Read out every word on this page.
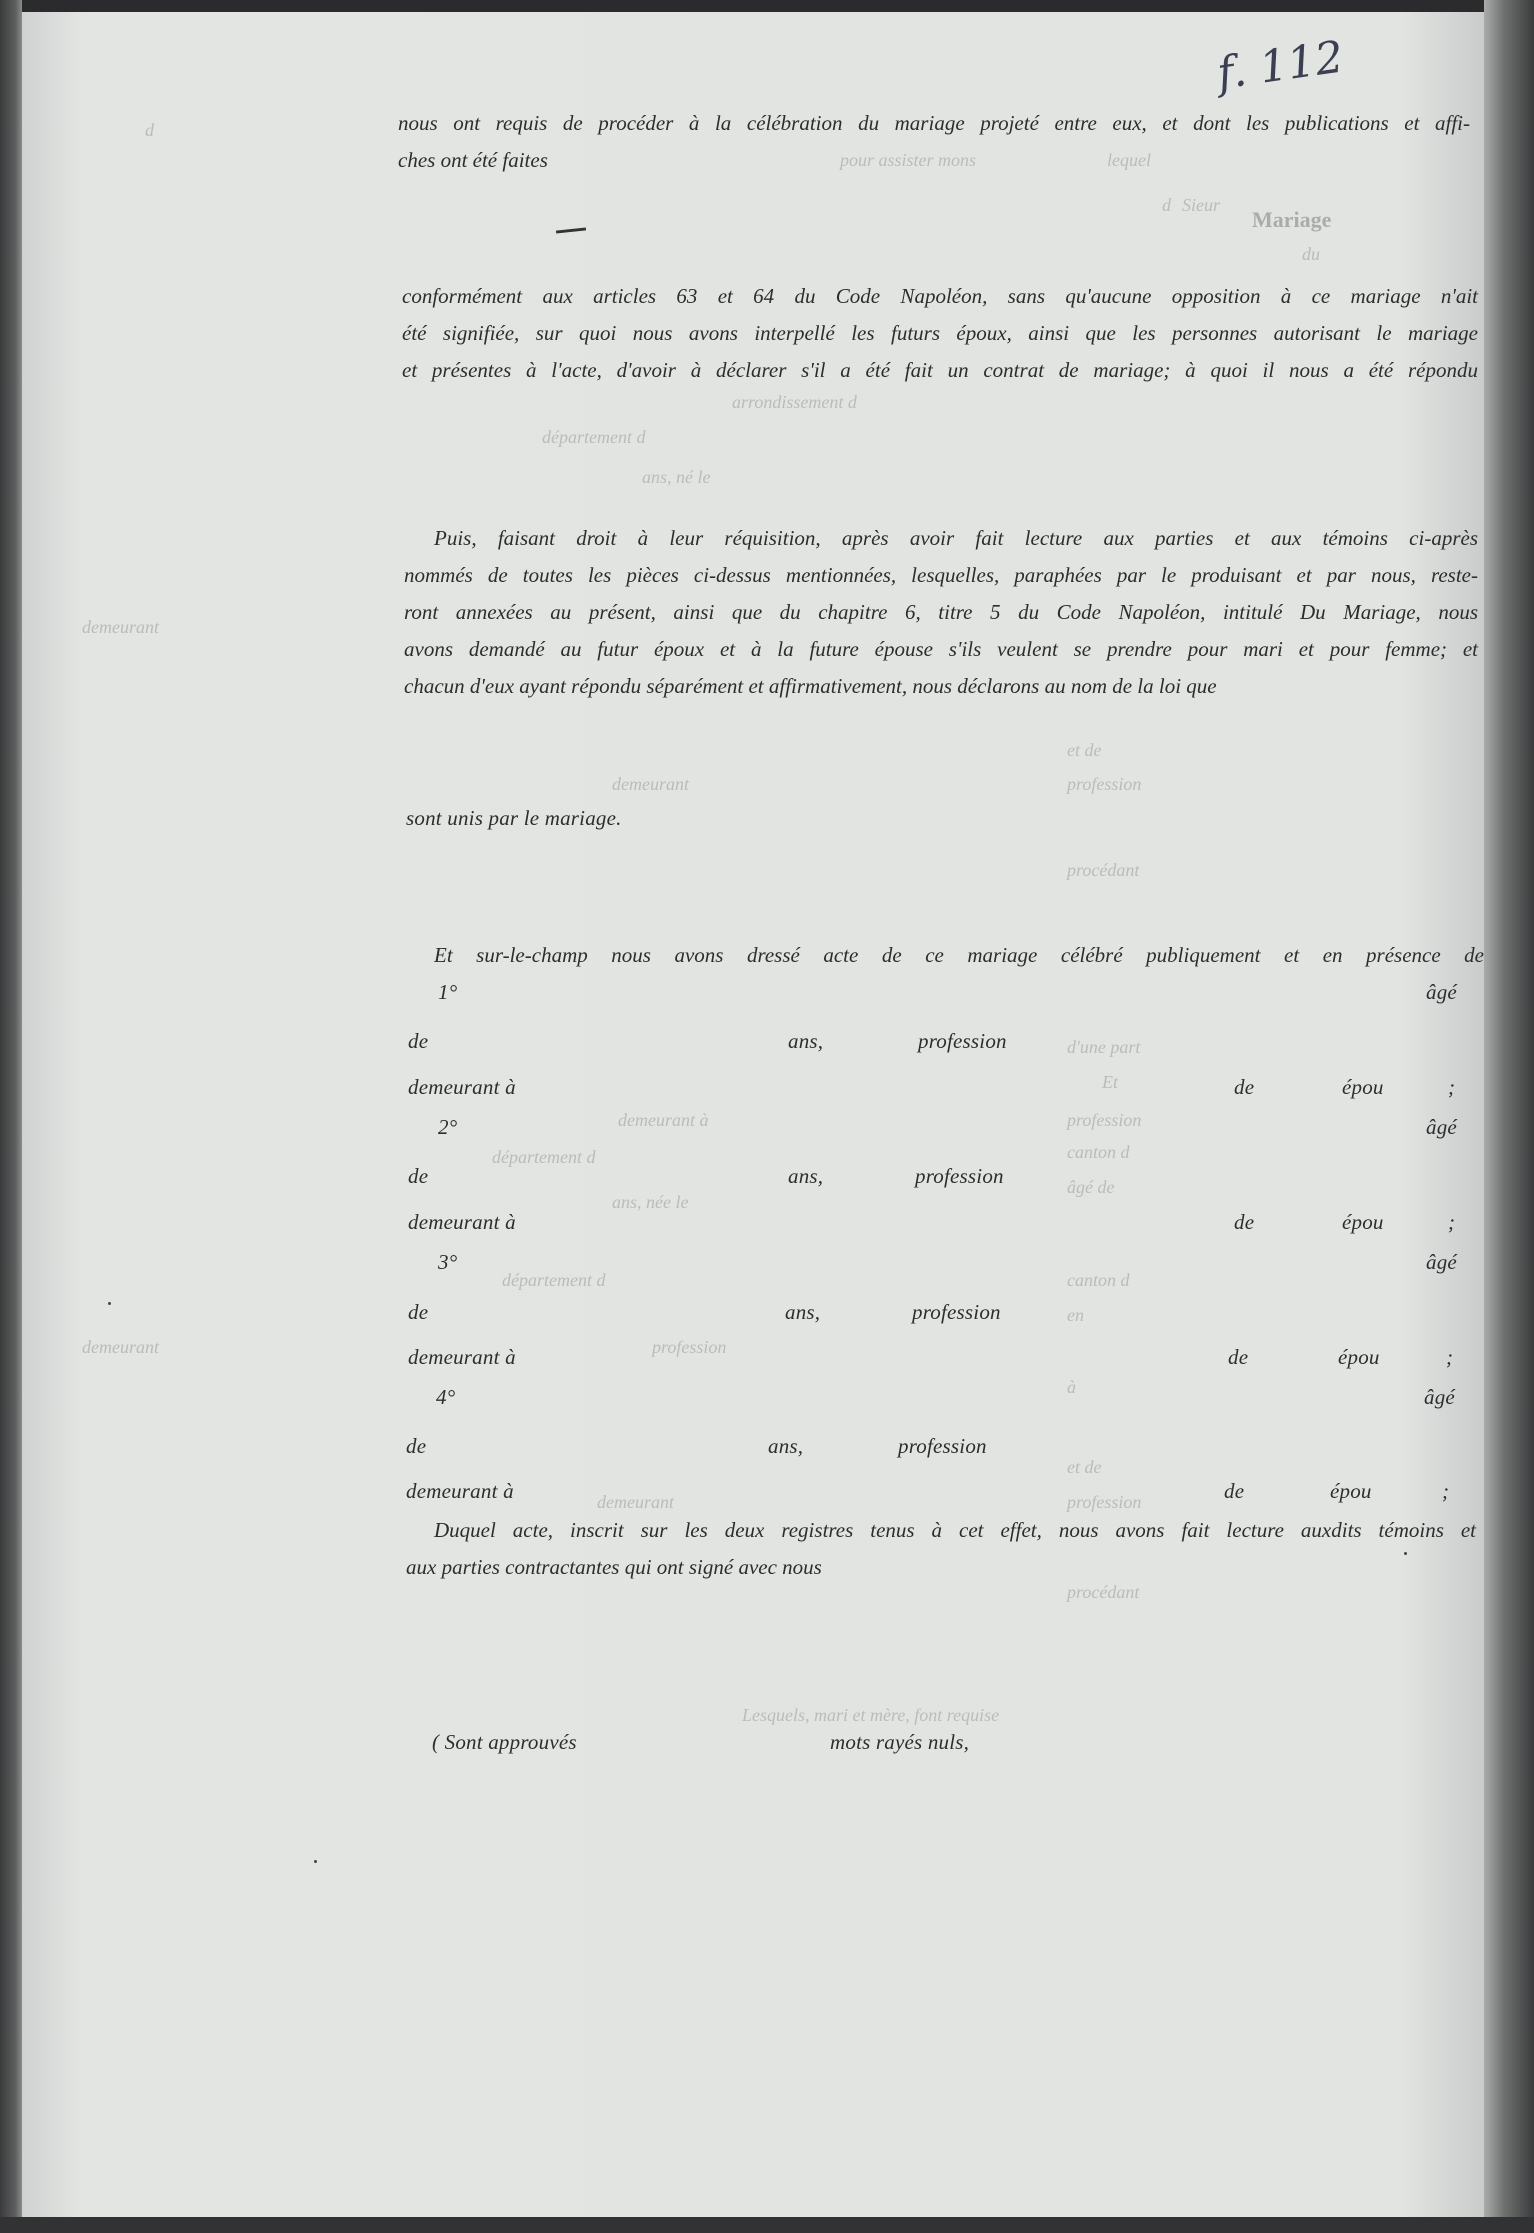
Mariage
du
d
d Sieur
demeurant
demeurant
pour assister mons	lequel
arrondissement d
département d
ans, né le
et de
profession
demeurant
procédant
d'une part
Et
profession
canton d
âgé de
demeurant à
département d
ans, née le
canton d
département d
en
profession
à
et de
profession
demeurant
procédant
Lesquels, mari et mère, font requise
f. 112
nous ont requis de procéder à la célébration du mariage projeté entre eux, et dont les publications et affi-
ches ont été faites
conformément aux articles 63 et 64 du Code Napoléon, sans qu'aucune opposition à ce mariage n'ait
été signifiée, sur quoi nous avons interpellé les futurs époux, ainsi que les personnes autorisant le mariage
et présentes à l'acte, d'avoir à déclarer s'il a été fait un contrat de mariage; à quoi il nous a été répondu
Puis, faisant droit à leur réquisition, après avoir fait lecture aux parties et aux témoins ci-après
nommés de toutes les pièces ci-dessus mentionnées, lesquelles, paraphées par le produisant et par nous, reste-
ront annexées au présent, ainsi que du chapitre 6, titre 5 du Code Napoléon, intitulé Du Mariage, nous
avons demandé au futur époux et à la future épouse s'ils veulent se prendre pour mari et pour femme; et
chacun d'eux ayant répondu séparément et affirmativement, nous déclarons au nom de la loi que
sont unis par le mariage.
Et sur-le-champ nous avons dressé acte de ce mariage célébré publiquement et en présence de
1°	âgé
de	ans,	profession
demeurant à	de	épou	;
2°	âgé
de	ans,	profession
demeurant à	de	épou	;
3°	âgé
de	ans,	profession
demeurant à	de	épou	;
4°	âgé
de	ans,	profession
demeurant à	de	épou	;
Duquel acte, inscrit sur les deux registres tenus à cet effet, nous avons fait lecture auxdits témoins et
aux parties contractantes qui ont signé avec nous
( Sont approuvés	mots rayés nuls,
